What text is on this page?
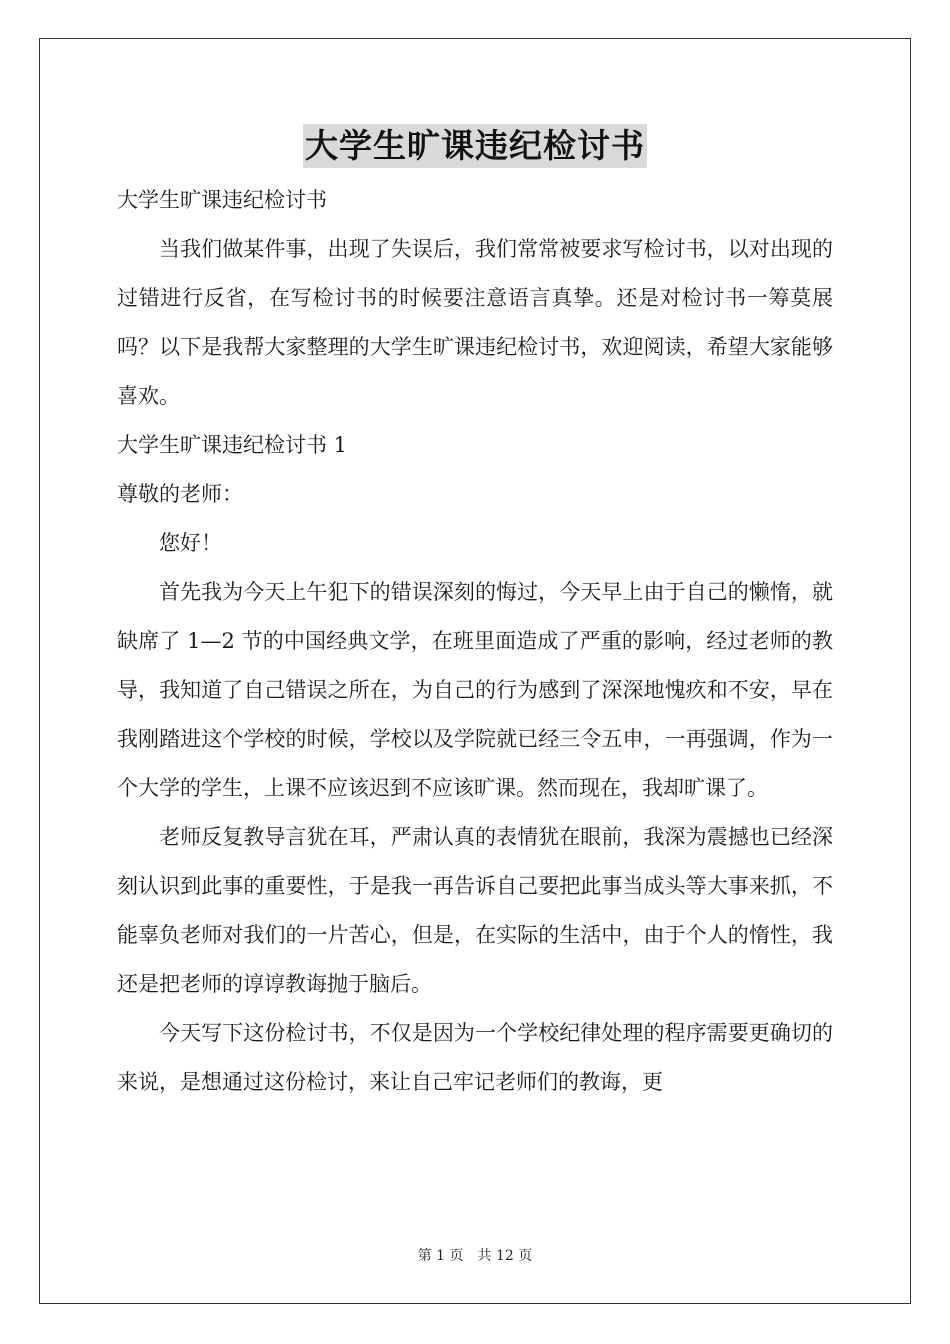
大学生旷课违纪检讨书

大学生旷课违纪检讨书

当我们做某件事，出现了失误后，我们常常被要求写检讨书，以对出现的过错进行反省，在写检讨书的时候要注意语言真挚。还是对检讨书一筹莫展吗？以下是我帮大家整理的大学生旷课违纪检讨书，欢迎阅读，希望大家能够喜欢。

大学生旷课违纪检讨书 1

尊敬的老师：

您好！

首先我为今天上午犯下的错误深刻的悔过，今天早上由于自己的懒惰，就缺席了 1—2 节的中国经典文学，在班里面造成了严重的影响，经过老师的教导，我知道了自己错误之所在，为自己的行为感到了深深地愧疚和不安，早在我刚踏进这个学校的时候，学校以及学院就已经三令五申，一再强调，作为一个大学的学生，上课不应该迟到不应该旷课。然而现在，我却旷课了。

老师反复教导言犹在耳，严肃认真的表情犹在眼前，我深为震撼也已经深刻认识到此事的重要性，于是我一再告诉自己要把此事当成头等大事来抓，不能辜负老师对我们的一片苦心，但是，在实际的生活中，由于个人的惰性，我还是把老师的谆谆教诲抛于脑后。

今天写下这份检讨书，不仅是因为一个学校纪律处理的程序需要更确切的来说，是想通过这份检讨，来让自己牢记老师们的教诲，更

第 1 页 共 12 页
